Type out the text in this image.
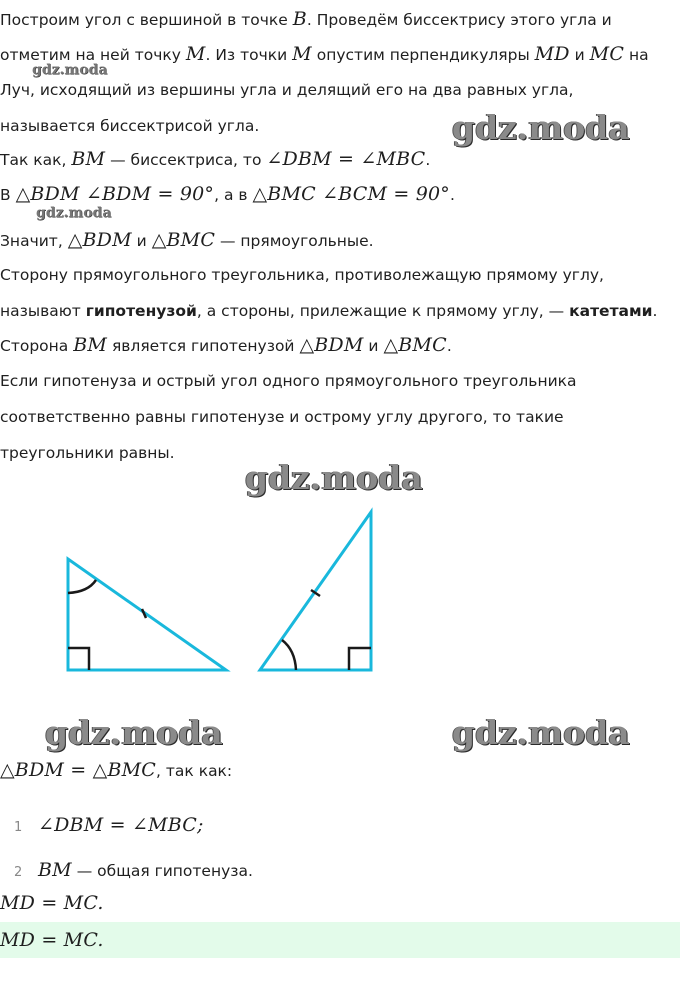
Построим угол с вершиной в точке B. Проведём биссектрису этого угла и
отметим на ней точку M. Из точки M опустим перпендикуляры MD и MC на
Луч, исходящий из вершины угла и делящий его на два равных угла,
называется биссектрисой угла.
Так как, BM — биссектриса, то ∠DBM = ∠MBC.
В △BDM ∠BDM = 90°, а в △BMC ∠BCM = 90°.
Значит, △BDM и △BMC — прямоугольные.
Сторону прямоугольного треугольника, противолежащую прямому углу,
называют гипотенузой, а стороны, прилежащие к прямому углу, — катетами.
Сторона BM является гипотенузой △BDM и △BMC.
Если гипотенуза и острый угол одного прямоугольного треугольника
соответственно равны гипотенузе и острому углу другого, то такие
треугольники равны.
△BDM = △BMC, так как:
1 ∠DBM = ∠MBC;
2 BM — общая гипотенуза.
MD = MC.
MD = MC.
gdz.moda
gdz.moda
gdz.moda
gdz.moda
gdz.moda	gdz.moda
